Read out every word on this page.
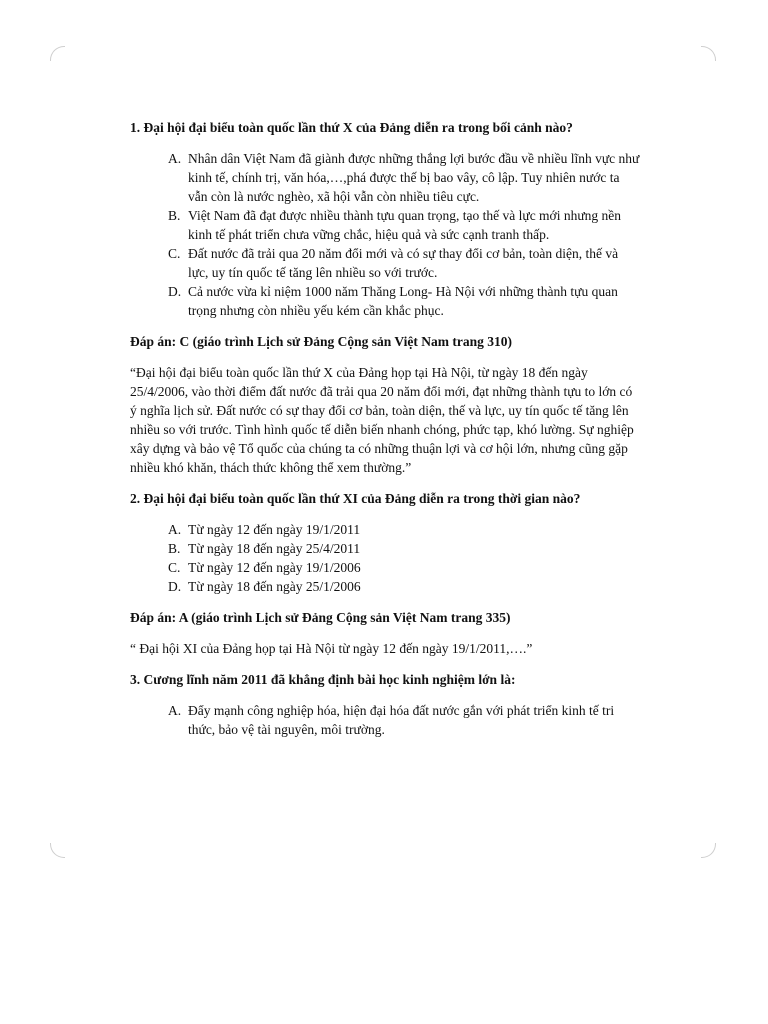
1. Đại hội đại biểu toàn quốc lần thứ X của Đảng diễn ra trong bối cảnh nào?

A. Nhân dân Việt Nam đã giành được những thắng lợi bước đầu về nhiều lĩnh vực như kinh tế, chính trị, văn hóa,…,phá được thế bị bao vây, cô lập. Tuy nhiên nước ta vẫn còn là nước nghèo, xã hội vẫn còn nhiều tiêu cực.
B. Việt Nam đã đạt được nhiều thành tựu quan trọng, tạo thế và lực mới nhưng nền kinh tế phát triển chưa vững chắc, hiệu quả và sức cạnh tranh thấp.
C. Đất nước đã trải qua 20 năm đổi mới và có sự thay đổi cơ bản, toàn diện, thế và lực, uy tín quốc tế tăng lên nhiều so với trước.
D. Cả nước vừa kỉ niệm 1000 năm Thăng Long- Hà Nội với những thành tựu quan trọng nhưng còn nhiều yếu kém cần khắc phục.

Đáp án: C (giáo trình Lịch sử Đảng Cộng sản Việt Nam trang 310)

“Đại hội đại biểu toàn quốc lần thứ X của Đảng họp tại Hà Nội, từ ngày 18 đến ngày 25/4/2006, vào thời điểm đất nước đã trải qua 20 năm đổi mới, đạt những thành tựu to lớn có ý nghĩa lịch sử. Đất nước có sự thay đổi cơ bản, toàn diện, thế và lực, uy tín quốc tế tăng lên nhiều so với trước. Tình hình quốc tế diễn biến nhanh chóng, phức tạp, khó lường. Sự nghiệp xây dựng và bảo vệ Tổ quốc của chúng ta có những thuận lợi và cơ hội lớn, nhưng cũng gặp nhiều khó khăn, thách thức không thể xem thường.”

2. Đại hội đại biểu toàn quốc lần thứ XI của Đảng diễn ra trong thời gian nào?

A. Từ ngày 12 đến ngày 19/1/2011
B. Từ ngày 18 đến ngày 25/4/2011
C. Từ ngày 12 đến ngày 19/1/2006
D. Từ ngày 18 đến ngày 25/1/2006

Đáp án: A (giáo trình Lịch sử Đảng Cộng sản Việt Nam trang 335)

“ Đại hội XI của Đảng họp tại Hà Nội từ ngày 12 đến ngày 19/1/2011,….”

3. Cương lĩnh năm 2011 đã khẳng định bài học kinh nghiệm lớn là:

A. Đẩy mạnh công nghiệp hóa, hiện đại hóa đất nước gắn với phát triển kinh tế tri thức, bảo vệ tài nguyên, môi trường.
